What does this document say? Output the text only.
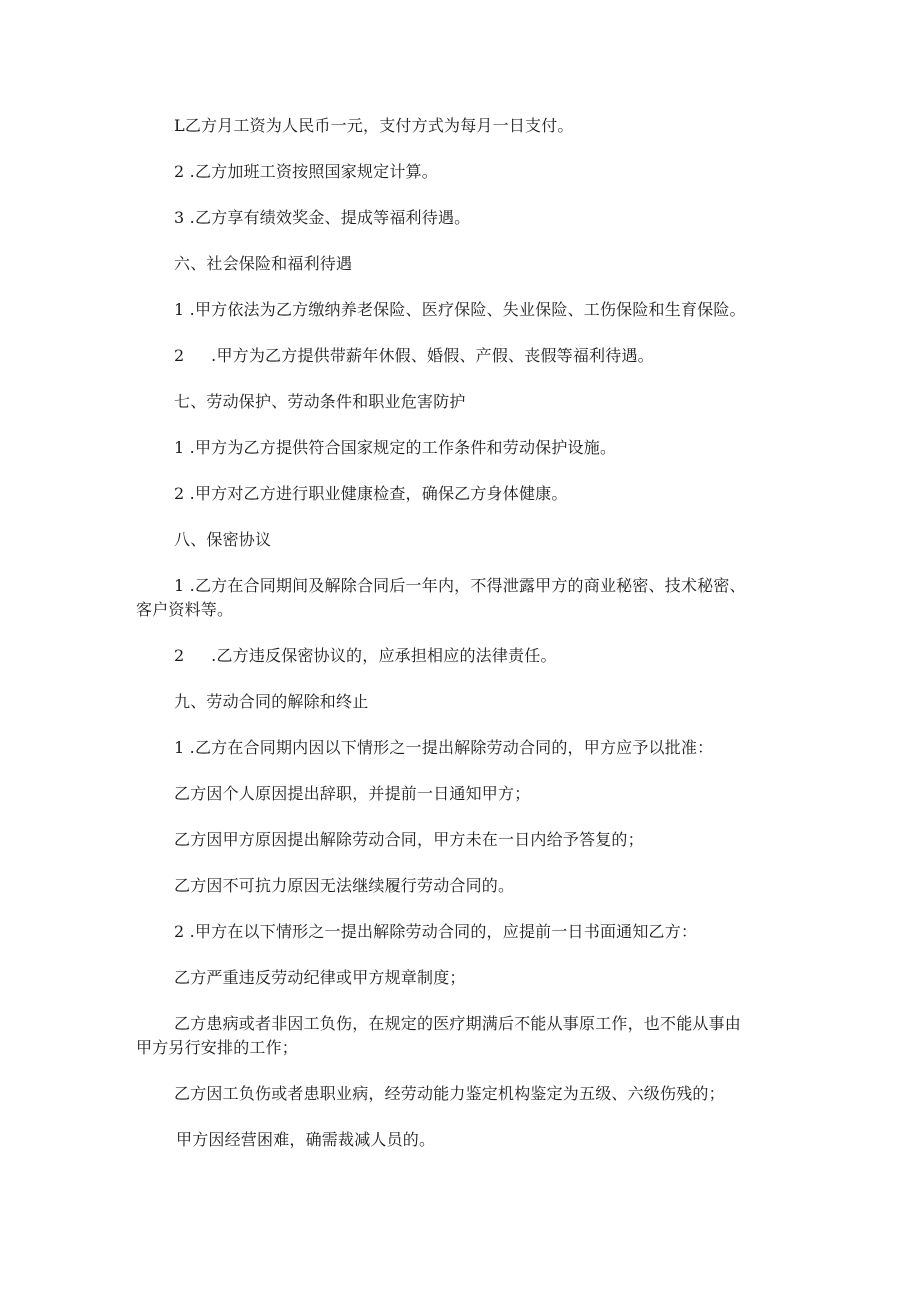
L乙方月工资为人民币一元，支付方式为每月一日支付。
2 .乙方加班工资按照国家规定计算。
3 .乙方享有绩效奖金、提成等福利待遇。
六、社会保险和福利待遇
1 .甲方依法为乙方缴纳养老保险、医疗保险、失业保险、工伤保险和生育保险。
2 　 .甲方为乙方提供带薪年休假、婚假、产假、丧假等福利待遇。
七、劳动保护、劳动条件和职业危害防护
1 .甲方为乙方提供符合国家规定的工作条件和劳动保护设施。
2 .甲方对乙方进行职业健康检查，确保乙方身体健康。
八、保密协议
1 .乙方在合同期间及解除合同后一年内，不得泄露甲方的商业秘密、技术秘密、
客户资料等。
2 　 .乙方违反保密协议的，应承担相应的法律责任。
九、劳动合同的解除和终止
1 .乙方在合同期内因以下情形之一提出解除劳动合同的，甲方应予以批准：
乙方因个人原因提出辞职，并提前一日通知甲方；
乙方因甲方原因提出解除劳动合同，甲方未在一日内给予答复的；
乙方因不可抗力原因无法继续履行劳动合同的。
2 .甲方在以下情形之一提出解除劳动合同的，应提前一日书面通知乙方：
乙方严重违反劳动纪律或甲方规章制度；
乙方患病或者非因工负伤，在规定的医疗期满后不能从事原工作，也不能从事由
甲方另行安排的工作；
乙方因工负伤或者患职业病，经劳动能力鉴定机构鉴定为五级、六级伤残的；
甲方因经营困难，确需裁减人员的。
